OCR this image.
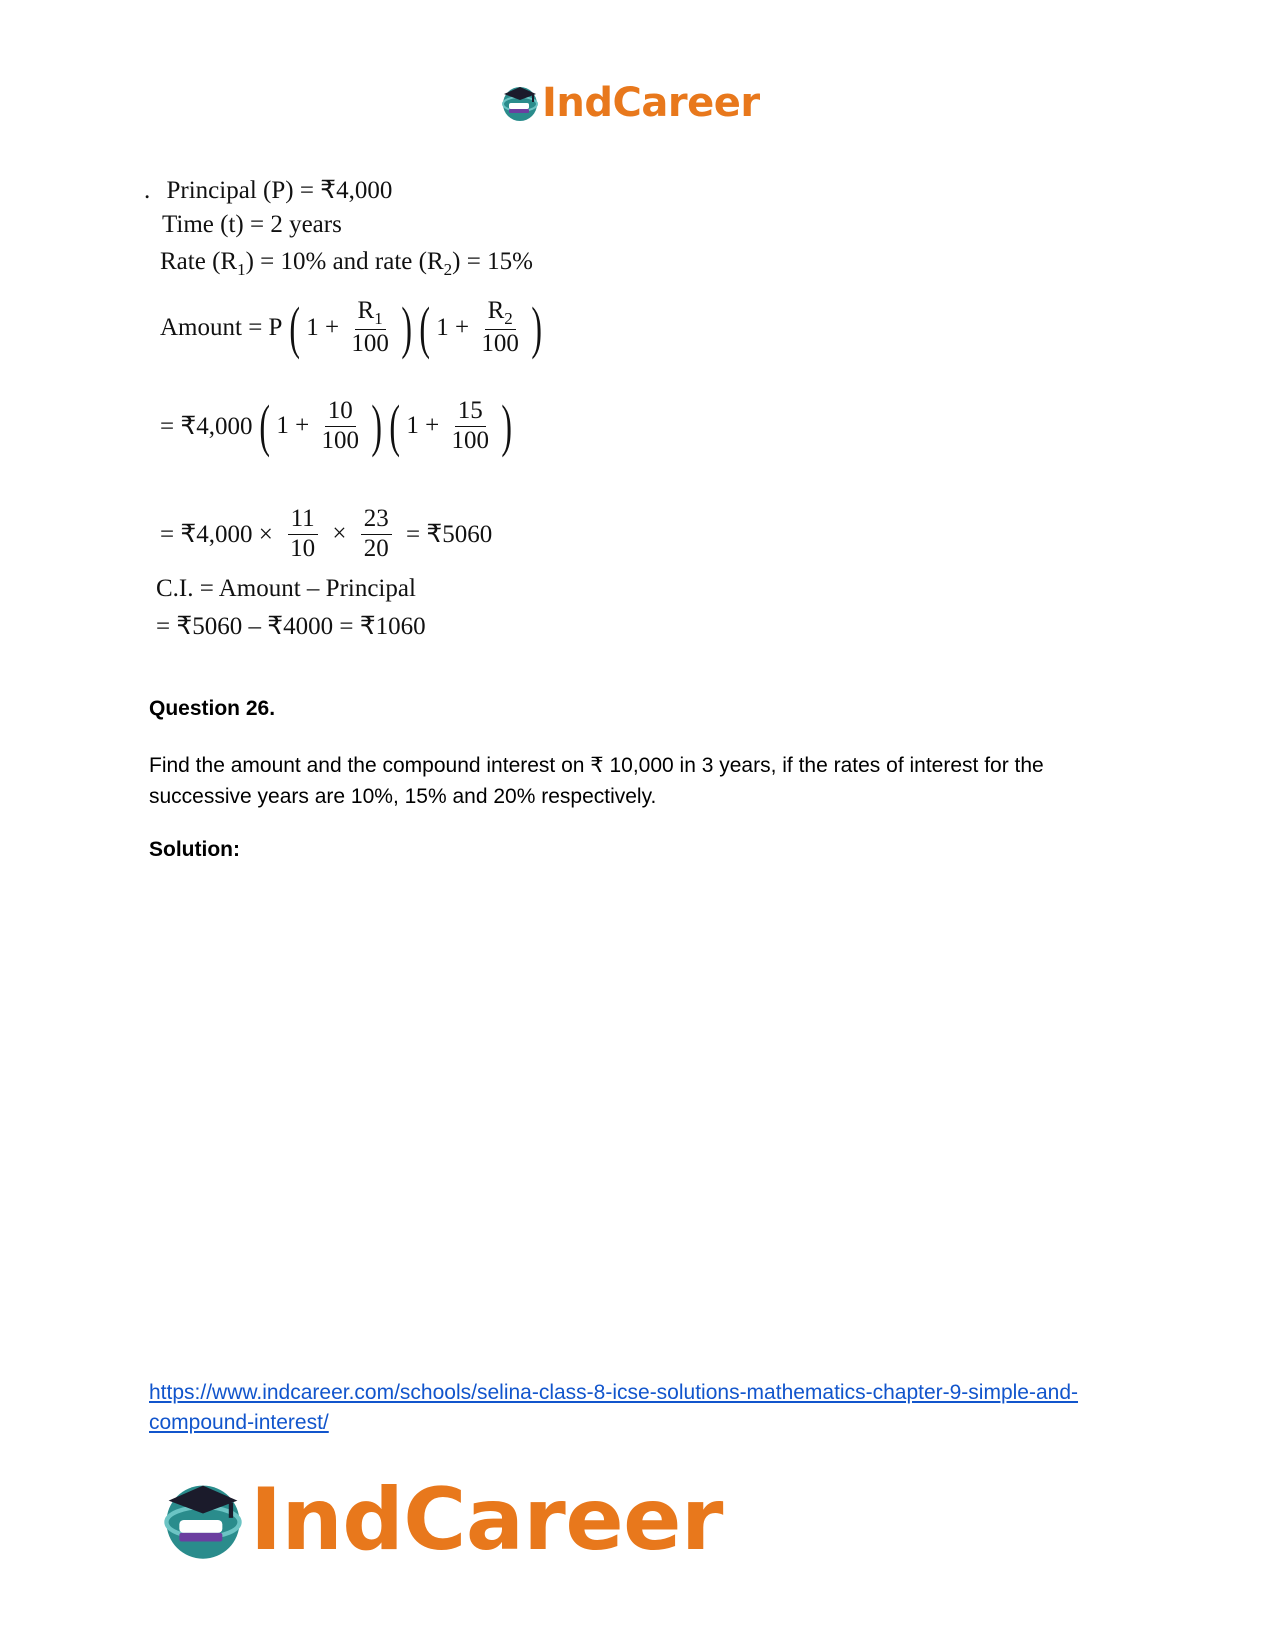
IndCareer
. Principal (P) = ₹4,000
Time (t) = 2 years
Rate $(R_1) = 10\%$ and rate $(R_2) = 15\%$
Amount = P ( $1 + \frac{R_1}{100}$ ) ( $1 + \frac{R_2}{100}$ )
= ₹4,000 ( $1 + \frac{10}{100}$ ) ( $1 + \frac{15}{100}$ )
= ₹4,000 × $\frac{11}{10} \times \frac{23}{20}$ = ₹5060
C.I. = Amount – Principal
= ₹5060 – ₹4000 = ₹1060
Question 26.
Find the amount and the compound interest on ₹ 10,000 in 3 years, if the rates of interest for the successive years are 10%, 15% and 20% respectively.
Solution:
https://www.indcareer.com/schools/selina-class-8-icse-solutions-mathematics-chapter-9-simple-and-compound-interest/
IndCareer
